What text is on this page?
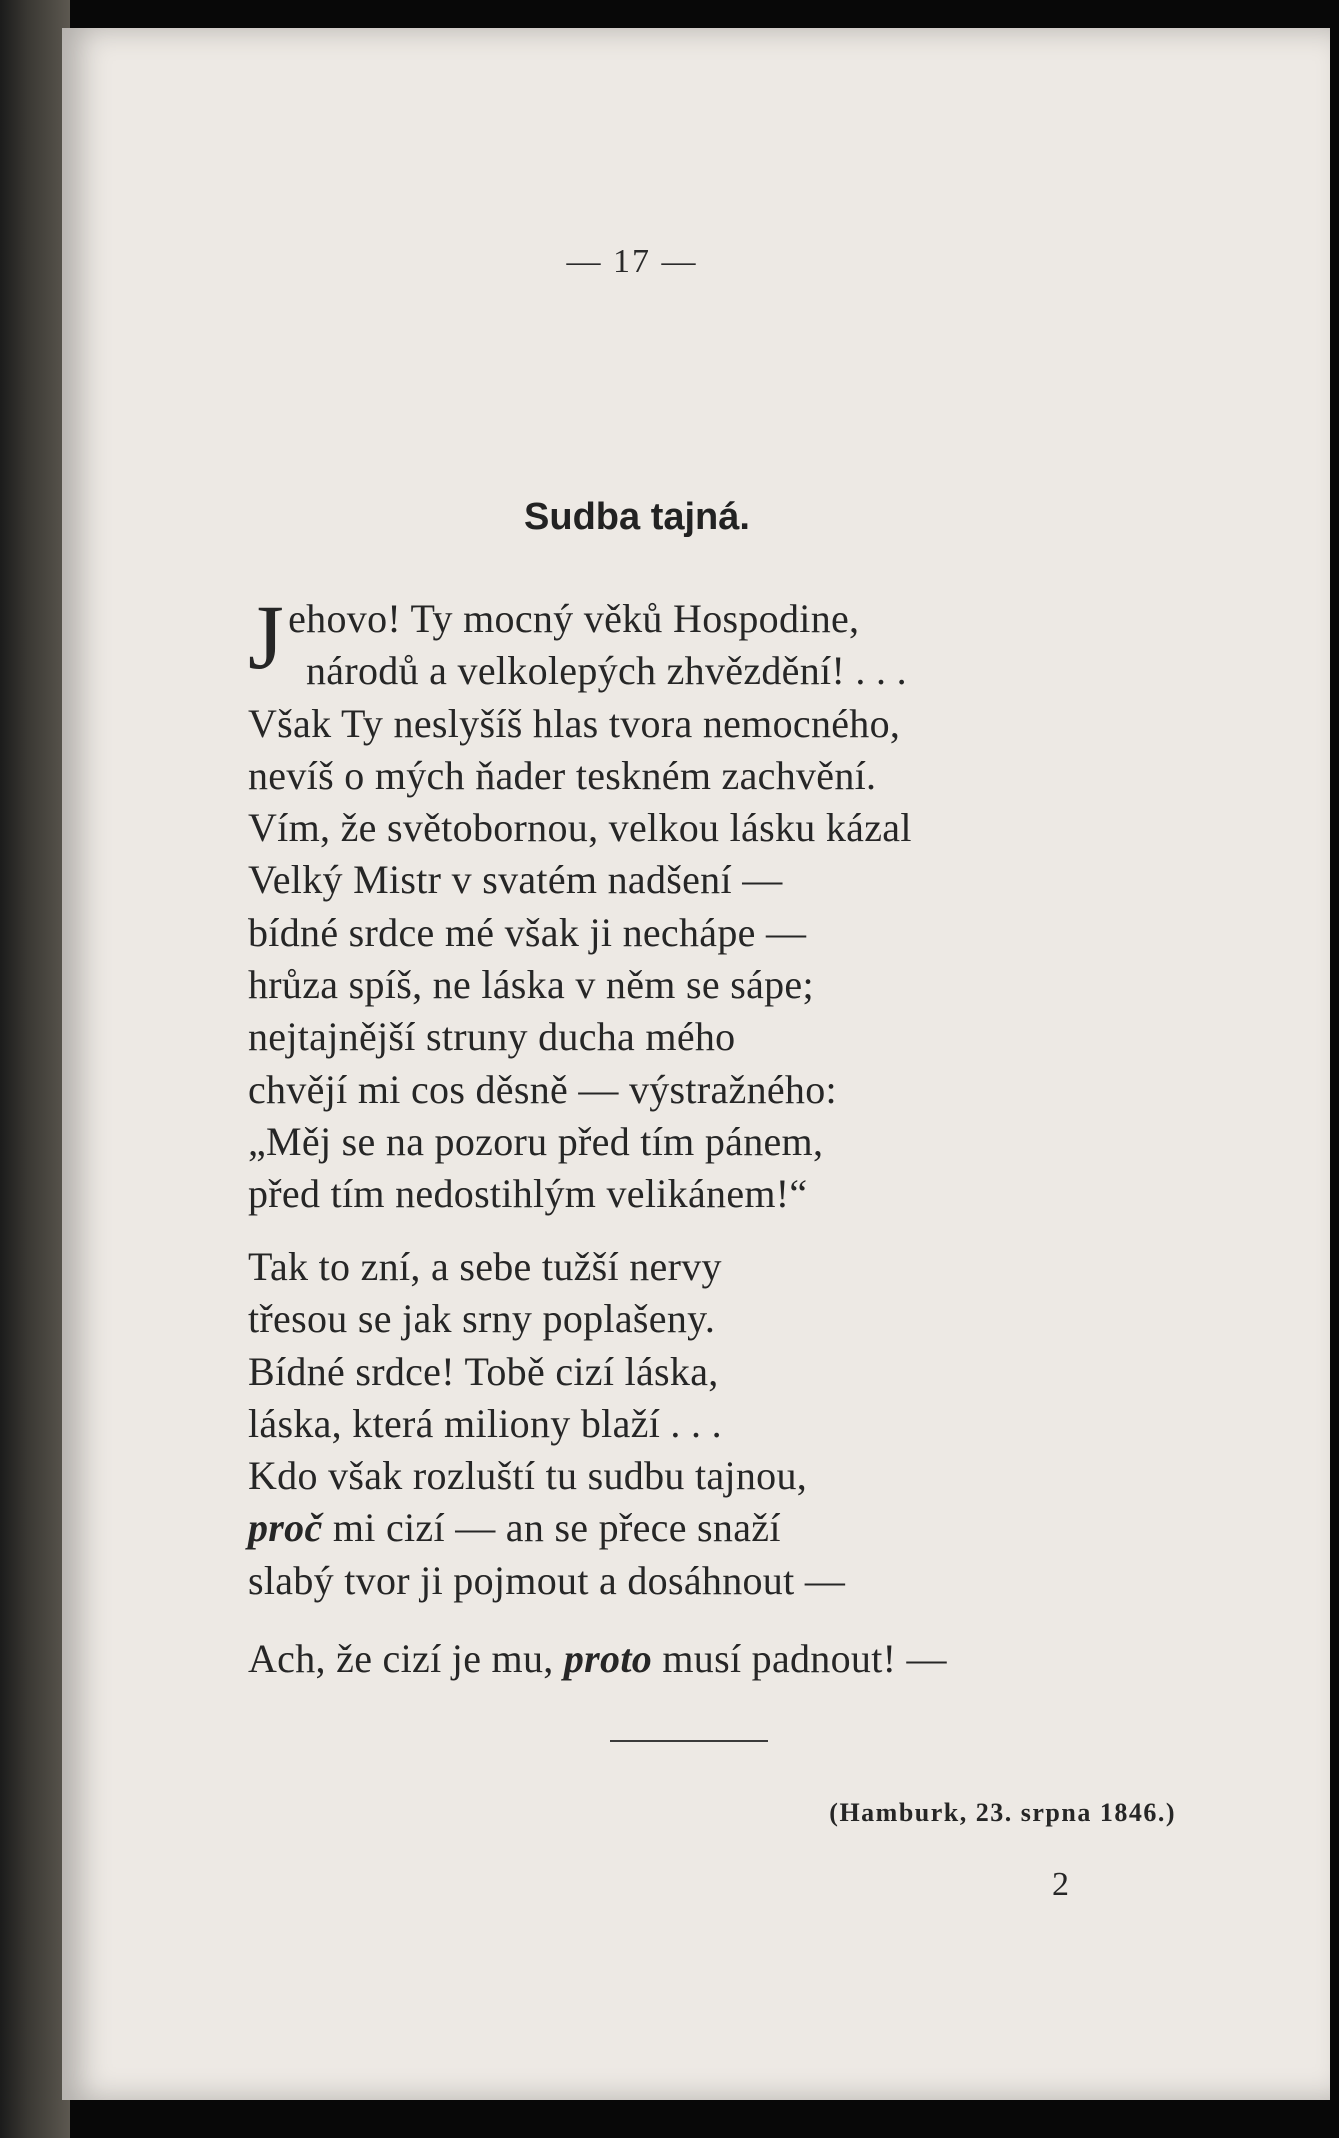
— 17 —
Sudba tajná.
Jehovo! Ty mocný věků Hospodine,
národů a velkolepých zhvězdění! . . .
Však Ty neslyšíš hlas tvora nemocného,
nevíš o mých ňader teskném zachvění.
Vím, že světobornou, velkou lásku kázal
Velký Mistr v svatém nadšení —
bídné srdce mé však ji nechápe —
hrůza spíš, ne láska v něm se sápe;
nejtajnější struny ducha mého
chvějí mi cos děsně — výstražného:
„Měj se na pozoru před tím pánem,
před tím nedostihlým velikánem!“
Tak to zní, a sebe tužší nervy
třesou se jak srny poplašeny.
Bídné srdce! Tobě cizí láska,
láska, která miliony blaží . . .
Kdo však rozluští tu sudbu tajnou,
proč mi cizí — an se přece snaží
slabý tvor ji pojmout a dosáhnout —
Ach, že cizí je mu, proto musí padnout! —
(Hamburk, 23. srpna 1846.)
2
